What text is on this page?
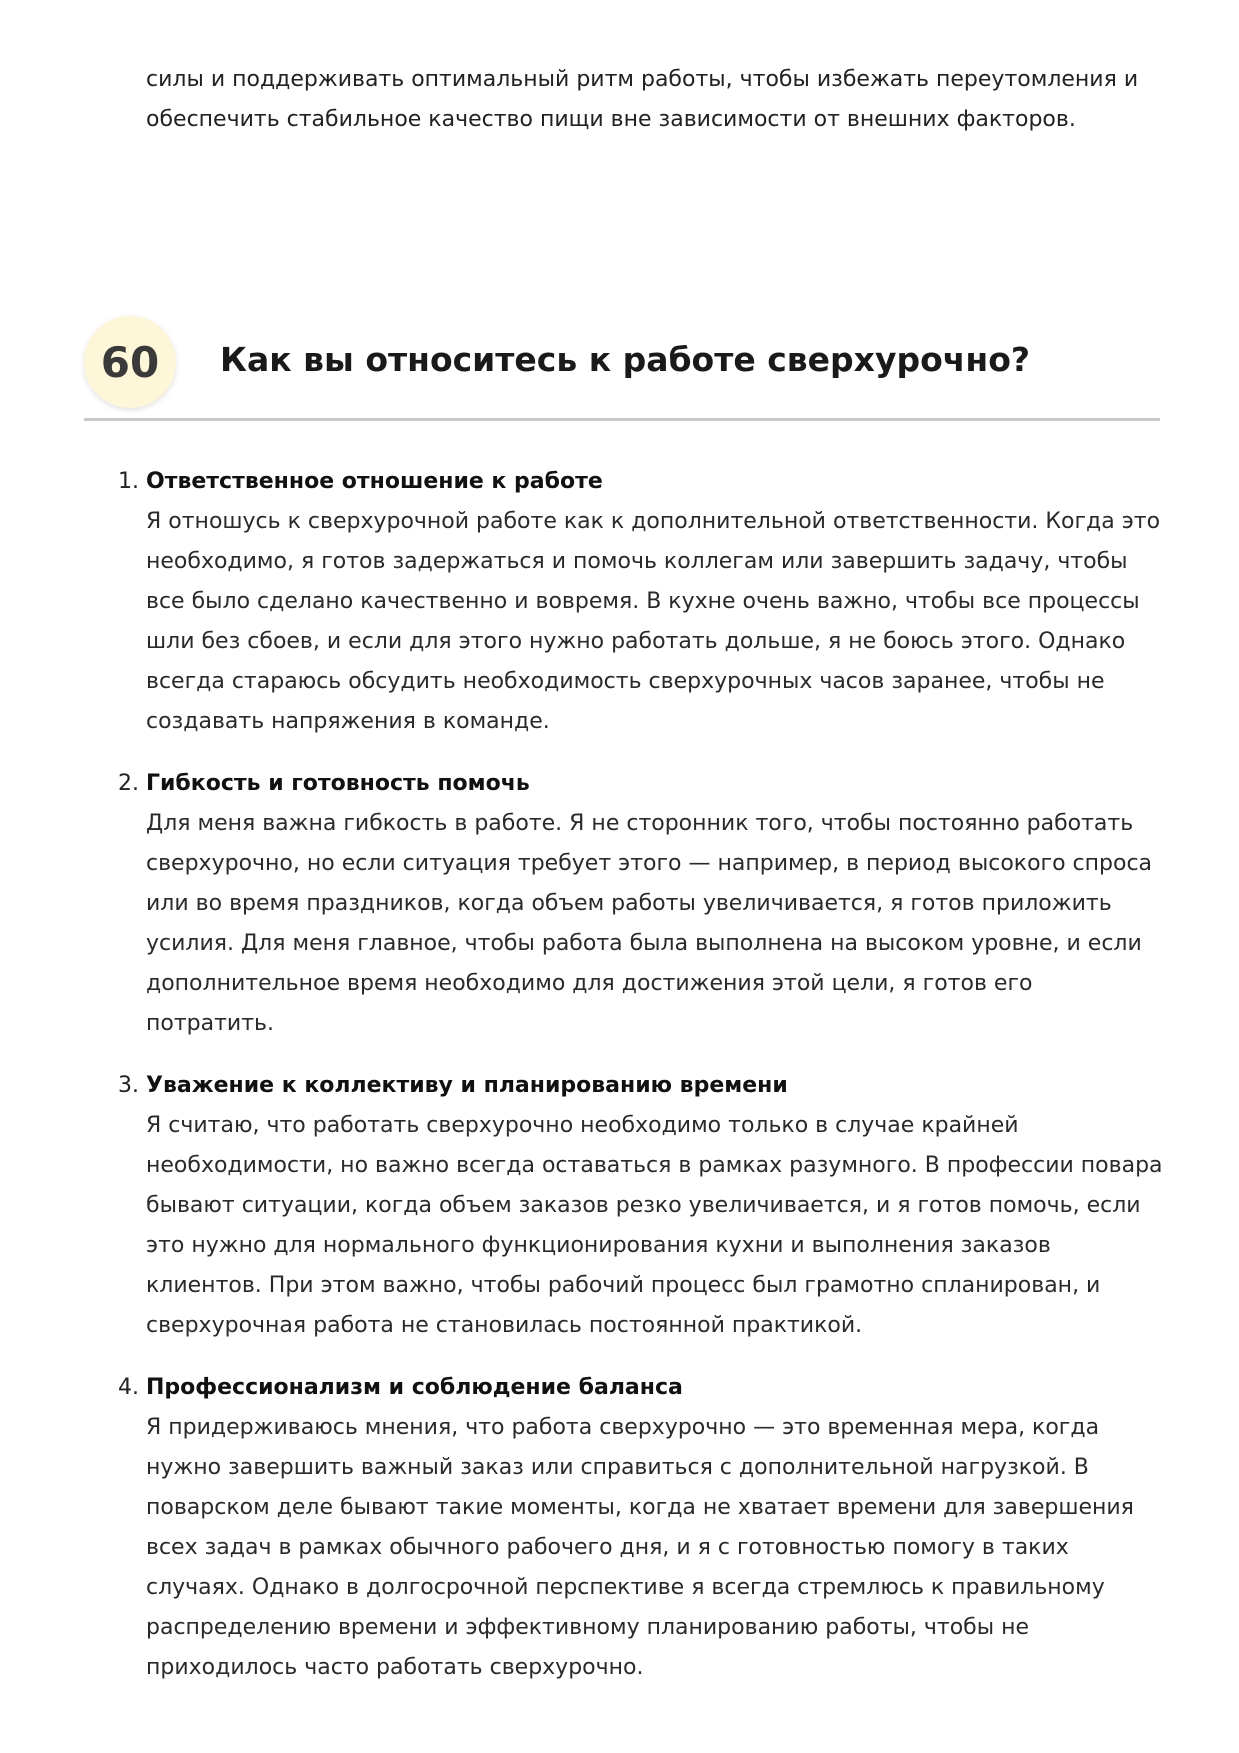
силы и поддерживать оптимальный ритм работы, чтобы избежать переутомления и обеспечить стабильное качество пищи вне зависимости от внешних факторов.
60	Как вы относитесь к работе сверхурочно?
1. Ответственное отношение к работе
Я отношусь к сверхурочной работе как к дополнительной ответственности. Когда это необходимо, я готов задержаться и помочь коллегам или завершить задачу, чтобы все было сделано качественно и вовремя. В кухне очень важно, чтобы все процессы шли без сбоев, и если для этого нужно работать дольше, я не боюсь этого. Однако всегда стараюсь обсудить необходимость сверхурочных часов заранее, чтобы не создавать напряжения в команде.
2. Гибкость и готовность помочь
Для меня важна гибкость в работе. Я не сторонник того, чтобы постоянно работать сверхурочно, но если ситуация требует этого — например, в период высокого спроса или во время праздников, когда объем работы увеличивается, я готов приложить усилия. Для меня главное, чтобы работа была выполнена на высоком уровне, и если дополнительное время необходимо для достижения этой цели, я готов его потратить.
3. Уважение к коллективу и планированию времени
Я считаю, что работать сверхурочно необходимо только в случае крайней необходимости, но важно всегда оставаться в рамках разумного. В профессии повара бывают ситуации, когда объем заказов резко увеличивается, и я готов помочь, если это нужно для нормального функционирования кухни и выполнения заказов клиентов. При этом важно, чтобы рабочий процесс был грамотно спланирован, и сверхурочная работа не становилась постоянной практикой.
4. Профессионализм и соблюдение баланса
Я придерживаюсь мнения, что работа сверхурочно — это временная мера, когда нужно завершить важный заказ или справиться с дополнительной нагрузкой. В поварском деле бывают такие моменты, когда не хватает времени для завершения всех задач в рамках обычного рабочего дня, и я с готовностью помогу в таких случаях. Однако в долгосрочной перспективе я всегда стремлюсь к правильному распределению времени и эффективному планированию работы, чтобы не приходилось часто работать сверхурочно.
